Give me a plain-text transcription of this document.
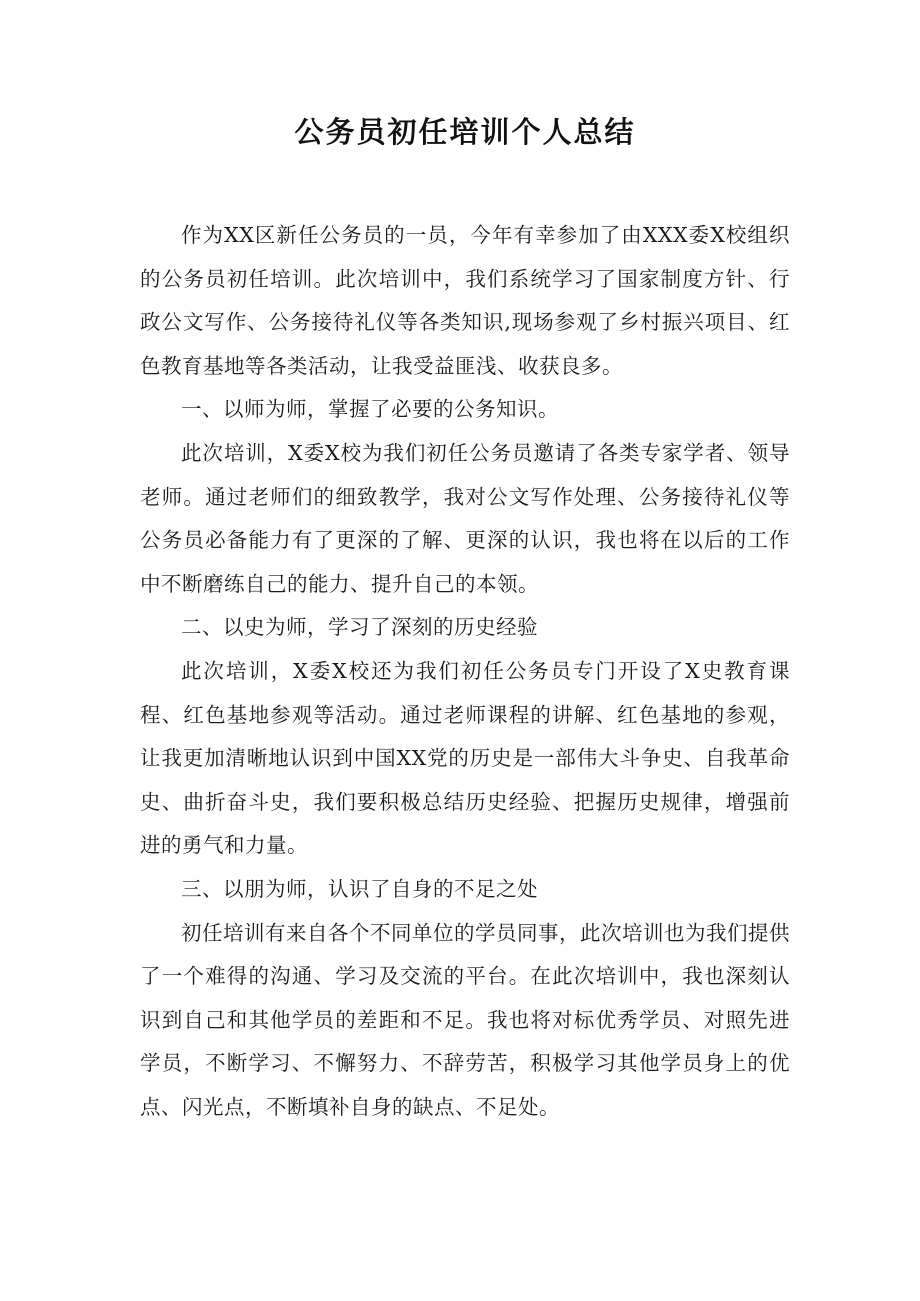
公务员初任培训个人总结

作为XX区新任公务员的一员，今年有幸参加了由XXX委X校组织的公务员初任培训。此次培训中，我们系统学习了国家制度方针、行政公文写作、公务接待礼仪等各类知识,现场参观了乡村振兴项目、红色教育基地等各类活动，让我受益匪浅、收获良多。

一、以师为师，掌握了必要的公务知识。

此次培训，X委X校为我们初任公务员邀请了各类专家学者、领导老师。通过老师们的细致教学，我对公文写作处理、公务接待礼仪等公务员必备能力有了更深的了解、更深的认识，我也将在以后的工作中不断磨练自己的能力、提升自己的本领。

二、以史为师，学习了深刻的历史经验

此次培训，X委X校还为我们初任公务员专门开设了X史教育课程、红色基地参观等活动。通过老师课程的讲解、红色基地的参观，让我更加清晰地认识到中国XX党的历史是一部伟大斗争史、自我革命史、曲折奋斗史，我们要积极总结历史经验、把握历史规律，增强前进的勇气和力量。

三、以朋为师，认识了自身的不足之处

初任培训有来自各个不同单位的学员同事，此次培训也为我们提供了一个难得的沟通、学习及交流的平台。在此次培训中，我也深刻认识到自己和其他学员的差距和不足。我也将对标优秀学员、对照先进学员，不断学习、不懈努力、不辞劳苦，积极学习其他学员身上的优点、闪光点，不断填补自身的缺点、不足处。
